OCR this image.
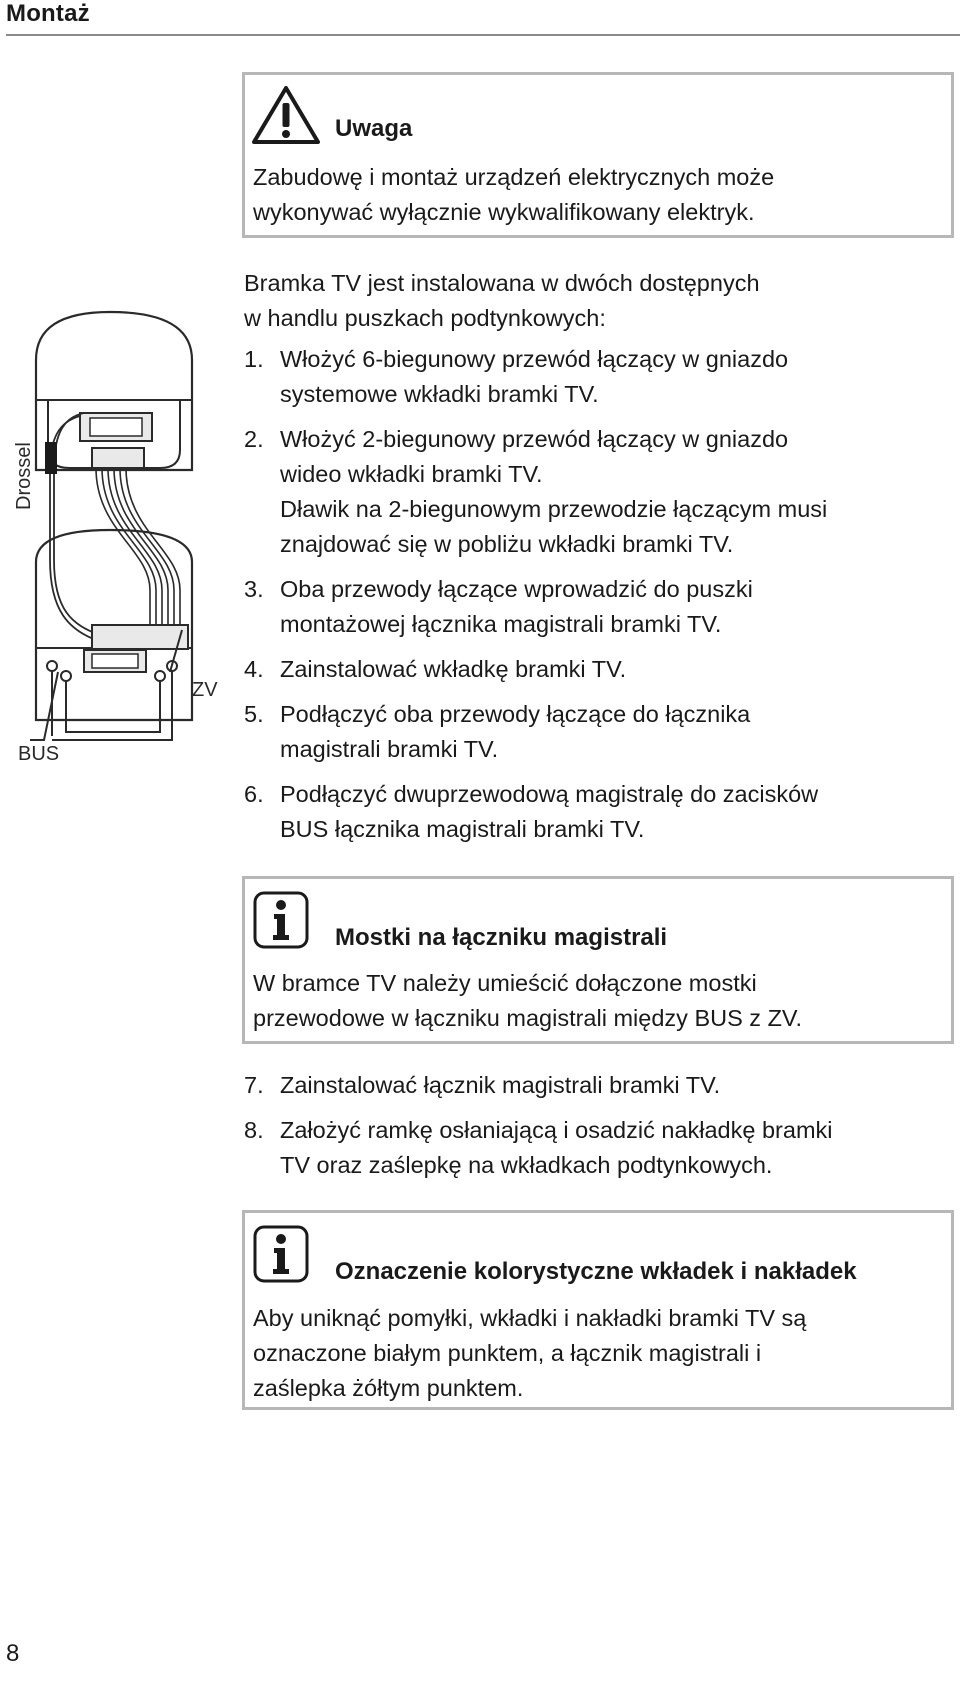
Montaż
Uwaga
Zabudowę i montaż urządzeń elektrycznych może
wykonywać wyłącznie wykwalifikowany elektryk.
Bramka TV jest instalowana w dwóch dostępnych
w handlu puszkach podtynkowych:
1. Włożyć 6-biegunowy przewód łączący w gniazdo
systemowe wkładki bramki TV.
2. Włożyć 2-biegunowy przewód łączący w gniazdo
wideo wkładki bramki TV.
Dławik na 2-biegunowym przewodzie łączącym musi
znajdować się w pobliżu wkładki bramki TV.
3. Oba przewody łączące wprowadzić do puszki
montażowej łącznika magistrali bramki TV.
4. Zainstalować wkładkę bramki TV.
5. Podłączyć oba przewody łączące do łącznika
magistrali bramki TV.
6. Podłączyć dwuprzewodową magistralę do zacisków
BUS łącznika magistrali bramki TV.
Mostki na łączniku magistrali
W bramce TV należy umieścić dołączone mostki
przewodowe w łączniku magistrali między BUS z ZV.
7. Zainstalować łącznik magistrali bramki TV.
8. Założyć ramkę osłaniającą i osadzić nakładkę bramki
TV oraz zaślepkę na wkładkach podtynkowych.
Oznaczenie kolorystyczne wkładek i nakładek
Aby uniknąć pomyłki, wkładki i nakładki bramki TV są
oznaczone białym punktem, a łącznik magistrali i
zaślepka żółtym punktem.
Drossel
ZV
BUS
8
